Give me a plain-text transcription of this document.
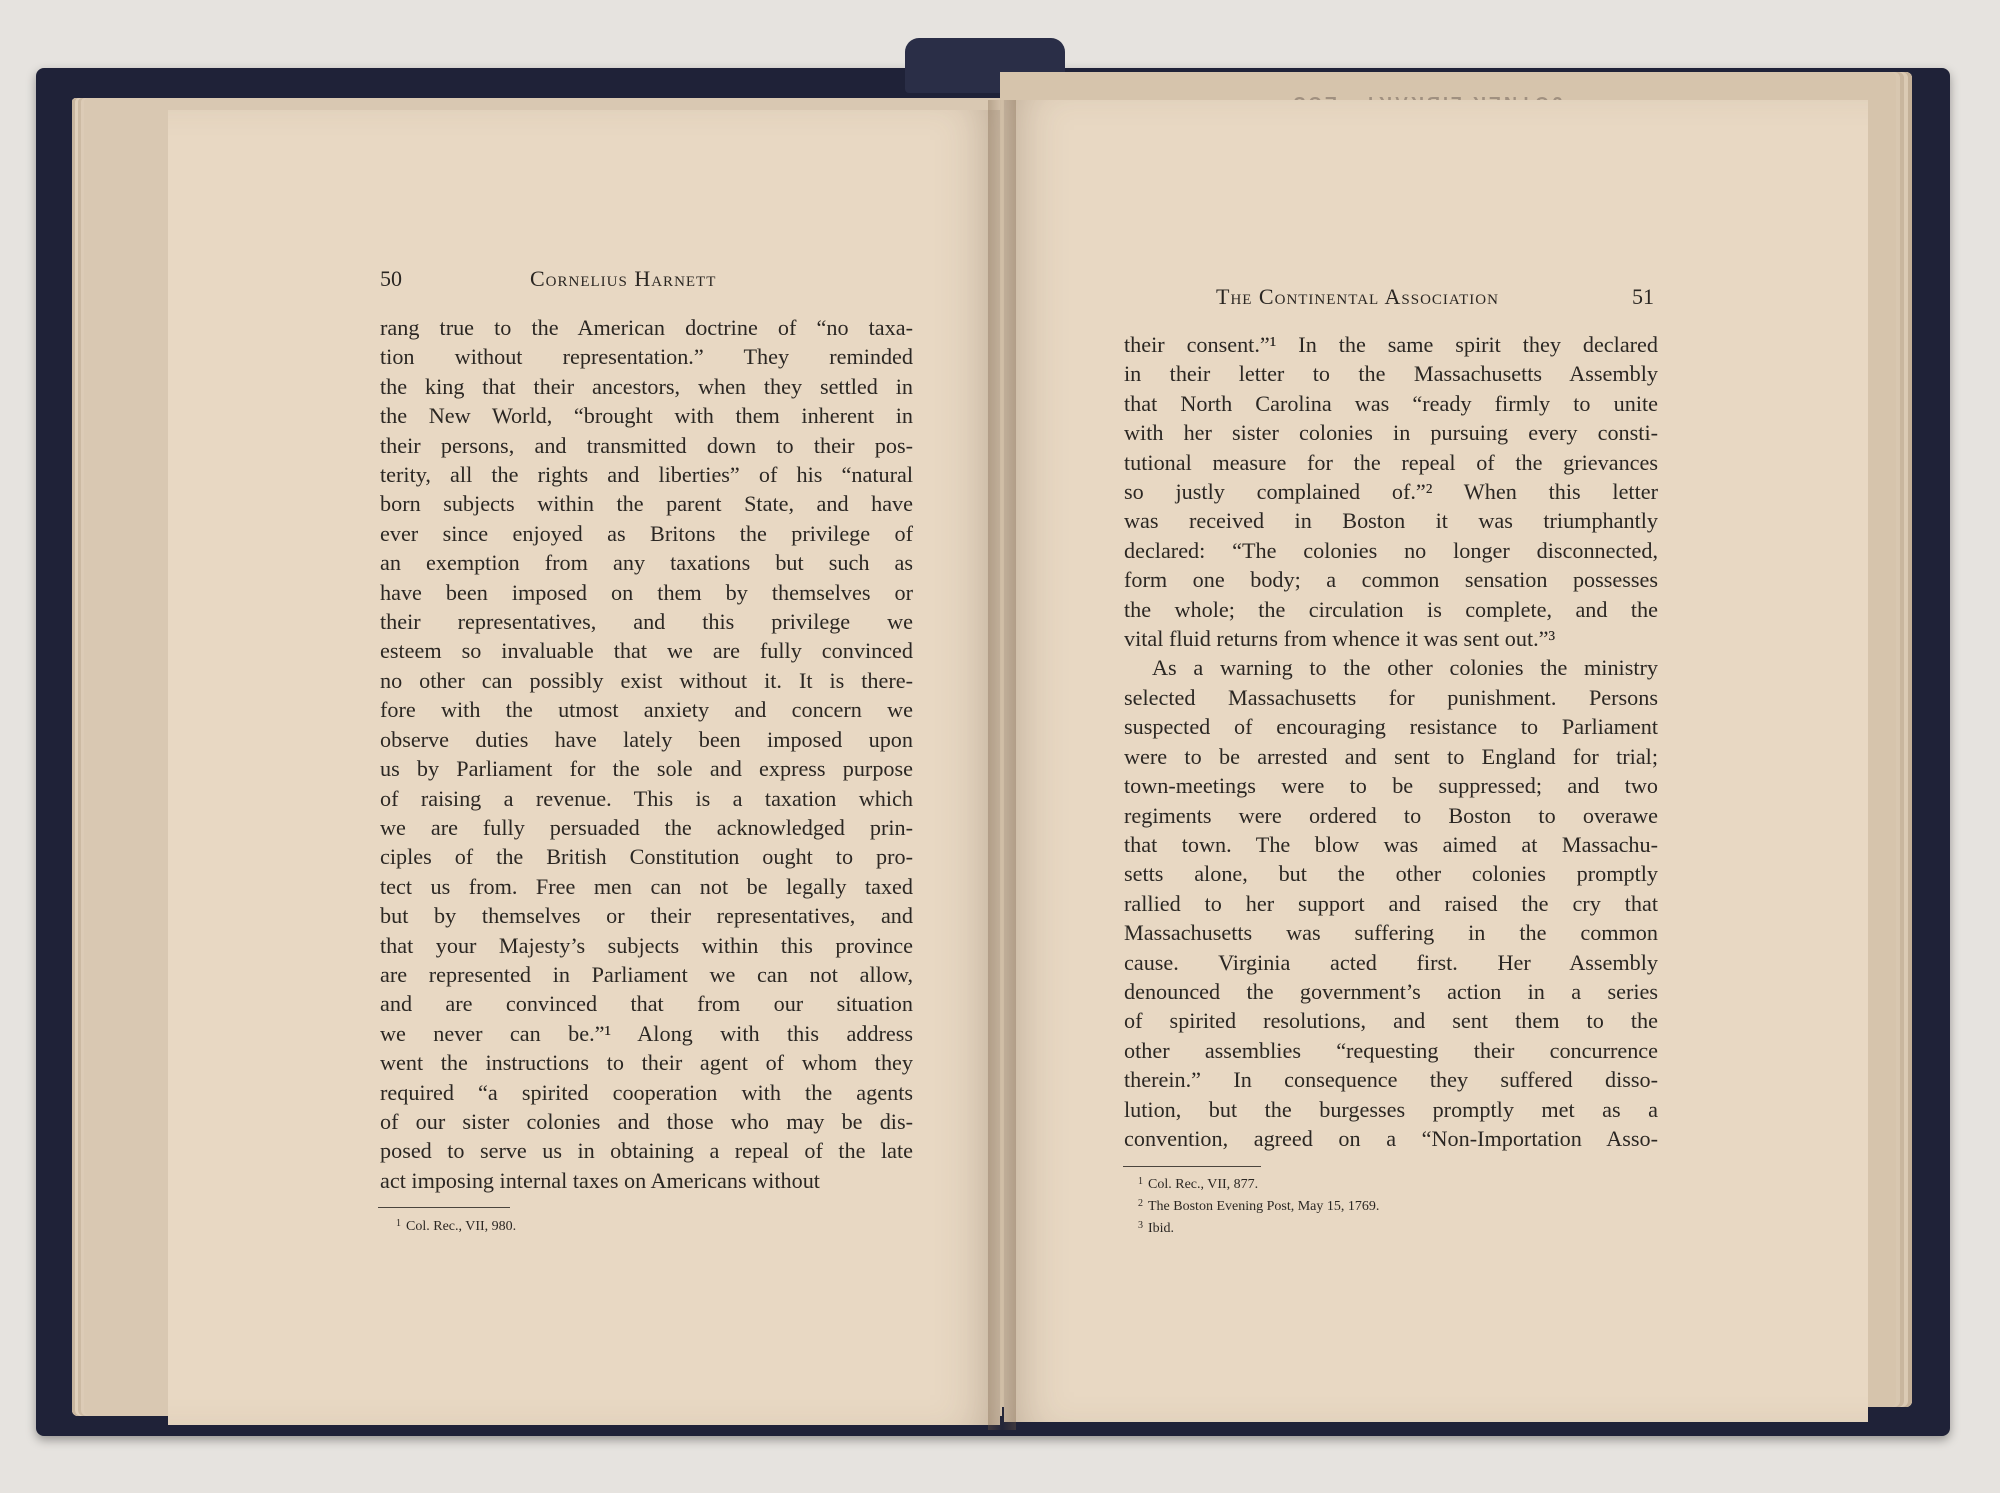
50	Cornelius Harnett
rang true to the American doctrine of “no taxa-
tion without representation.” They reminded
the king that their ancestors, when they settled in
the New World, “brought with them inherent in
their persons, and transmitted down to their pos-
terity, all the rights and liberties” of his “natural
born subjects within the parent State, and have
ever since enjoyed as Britons the privilege of
an exemption from any taxations but such as
have been imposed on them by themselves or
their representatives, and this privilege we
esteem so invaluable that we are fully convinced
no other can possibly exist without it. It is there-
fore with the utmost anxiety and concern we
observe duties have lately been imposed upon
us by Parliament for the sole and express purpose
of raising a revenue. This is a taxation which
we are fully persuaded the acknowledged prin-
ciples of the British Constitution ought to pro-
tect us from. Free men can not be legally taxed
but by themselves or their representatives, and
that your Majesty’s subjects within this province
are represented in Parliament we can not allow,
and are convinced that from our situation
we never can be.”¹ Along with this address
went the instructions to their agent of whom they
required “a spirited cooperation with the agents
of our sister colonies and those who may be dis-
posed to serve us in obtaining a repeal of the late
act imposing internal taxes on Americans without
$^1$ Col. Rec., VII, 980.
The Continental Association	51
their consent.”¹ In the same spirit they declared
in their letter to the Massachusetts Assembly
that North Carolina was “ready firmly to unite
with her sister colonies in pursuing every consti-
tutional measure for the repeal of the grievances
so justly complained of.”² When this letter
was received in Boston it was triumphantly
declared: “The colonies no longer disconnected,
form one body; a common sensation possesses
the whole; the circulation is complete, and the
vital fluid returns from whence it was sent out.”³
As a warning to the other colonies the ministry
selected Massachusetts for punishment. Persons
suspected of encouraging resistance to Parliament
were to be arrested and sent to England for trial;
town-meetings were to be suppressed; and two
regiments were ordered to Boston to overawe
that town. The blow was aimed at Massachu-
setts alone, but the other colonies promptly
rallied to her support and raised the cry that
Massachusetts was suffering in the common
cause. Virginia acted first. Her Assembly
denounced the government’s action in a series
of spirited resolutions, and sent them to the
other assemblies “requesting their concurrence
therein.” In consequence they suffered disso-
lution, but the burgesses promptly met as a
convention, agreed on a “Non-Importation Asso-
$^1$ Col. Rec., VII, 877.
$^2$ The Boston Evening Post, May 15, 1769.
$^3$ Ibid.
